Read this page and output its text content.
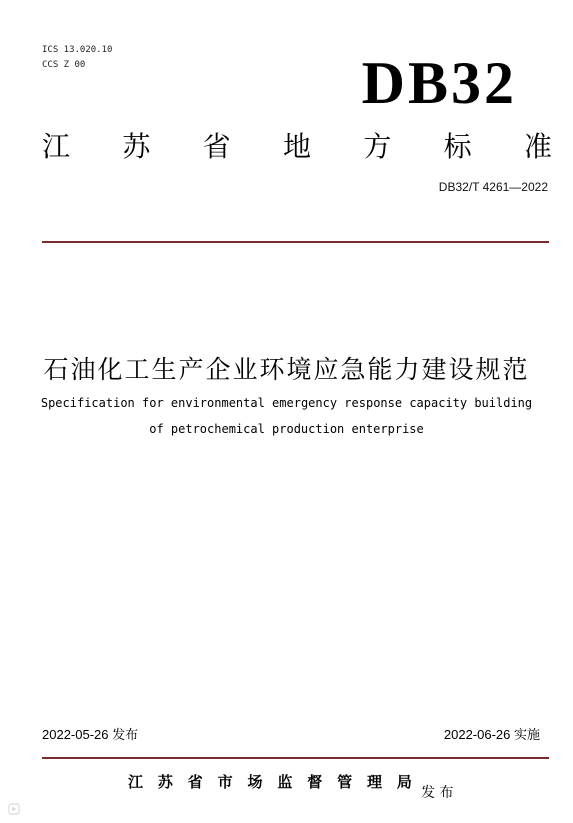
ICS 13.020.10
CCS Z 00	DB32
江 苏 省 地 方 标 准
DB32/T 4261—2022
石油化工生产企业环境应急能力建设规范
Specification for environmental emergency response capacity building
of petrochemical production enterprise
2022-05-26 发布	2022-06-26 实施
江 苏 省 市 场 监 督 管 理 局
发 布
